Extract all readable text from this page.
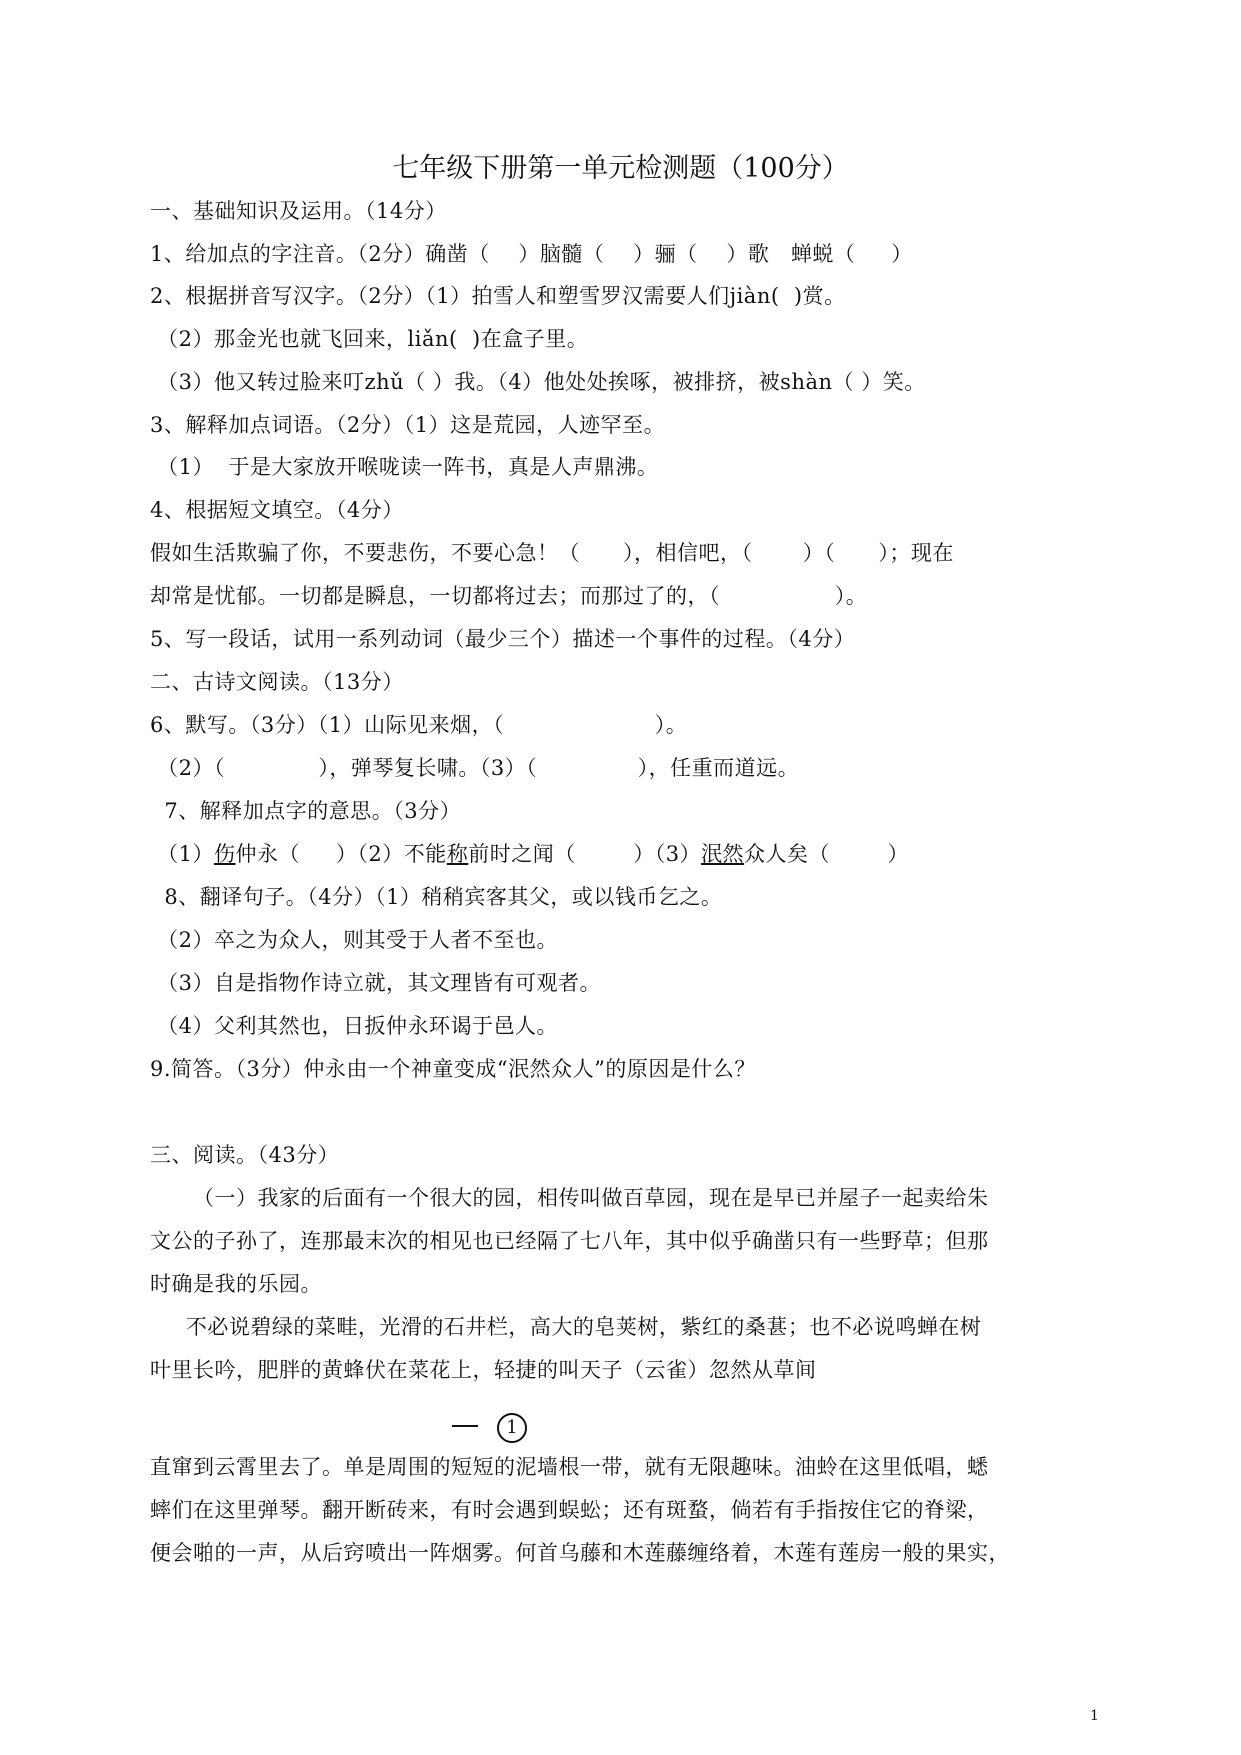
七年级下册第一单元检测题（100分）
一、基础知识及运用。（14分）
1、给加点的字注音。（2分）确凿（    ）脑髓（    ）骊（    ）歌   蝉蜕（     ）
2、根据拼音写汉字。（2分）（1）拍雪人和塑雪罗汉需要人们jiàn(  )赏。
（2）那金光也就飞回来，liǎn(  )在盒子里。
（3）他又转过脸来叮zhǔ（ ）我。（4）他处处挨啄，被排挤，被shàn（ ）笑。
3、解释加点词语。（2分）（1）这是荒园，人迹罕至。
（1）  于是大家放开喉咙读一阵书，真是人声鼎沸。
4、根据短文填空。（4分）
假如生活欺骗了你，不要悲伤，不要心急！（      ），相信吧，（       ）（      ）；现在
却常是忧郁。一切都是瞬息，一切都将过去；而那过了的，（                ）。
5、写一段话，试用一系列动词（最少三个）描述一个事件的过程。（4分）
二、古诗文阅读。（13分）
6、默写。（3分）（1）山际见来烟，（                     ）。
（2）（             ），弹琴复长啸。（3）（              ），任重而道远。
7、解释加点字的意思。（3分）
（1）伤仲永（     ）（2）不能称前时之闻（        ）（3）泯然众人矣（        ）
8、翻译句子。（4分）（1）稍稍宾客其父，或以钱币乞之。
（2）卒之为众人，则其受于人者不至也。
（3）自是指物作诗立就，其文理皆有可观者。
（4）父利其然也，日扳仲永环谒于邑人。
9.简答。（3分）仲永由一个神童变成“泯然众人”的原因是什么？
三、阅读。（43分）
（一）我家的后面有一个很大的园，相传叫做百草园，现在是早已并屋子一起卖给朱
文公的子孙了，连那最末次的相见也已经隔了七八年，其中似乎确凿只有一些野草；但那
时确是我的乐园。
不必说碧绿的菜畦，光滑的石井栏，高大的皂荚树，紫红的桑葚；也不必说鸣蝉在树
叶里长吟，肥胖的黄蜂伏在菜花上，轻捷的叫天子（云雀）忽然从草间
1
直窜到云霄里去了。单是周围的短短的泥墙根一带，就有无限趣味。油蛉在这里低唱，蟋
蟀们在这里弹琴。翻开断砖来，有时会遇到蜈蚣；还有斑蝥，倘若有手指按住它的脊梁，
便会啪的一声，从后窍喷出一阵烟雾。何首乌藤和木莲藤缠络着，木莲有莲房一般的果实，
1
